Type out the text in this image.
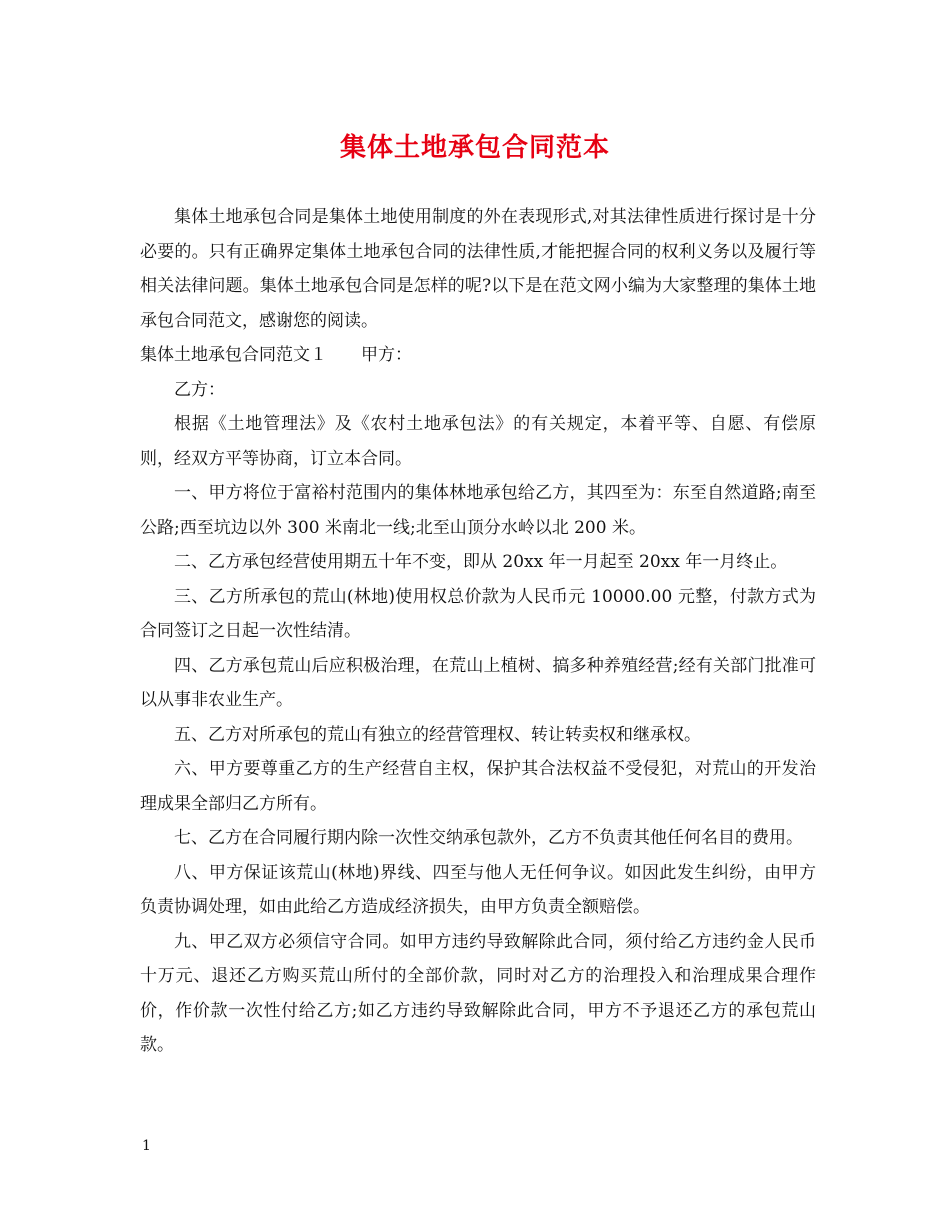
集体土地承包合同范本

集体土地承包合同是集体土地使用制度的外在表现形式,对其法律性质进行探讨是十分必要的。只有正确界定集体土地承包合同的法律性质,才能把握合同的权利义务以及履行等相关法律问题。集体土地承包合同是怎样的呢?以下是在范文网小编为大家整理的集体土地承包合同范文，感谢您的阅读。

集体土地承包合同范文１ 甲方：

乙方：

根据《土地管理法》及《农村土地承包法》的有关规定，本着平等、自愿、有偿原则，经双方平等协商，订立本合同。

一、甲方将位于富裕村范围内的集体林地承包给乙方，其四至为：东至自然道路;南至公路;西至坑边以外 300 米南北一线;北至山顶分水岭以北 200 米。

二、乙方承包经营使用期五十年不变，即从 20xx 年一月起至 20xx 年一月终止。

三、乙方所承包的荒山(林地)使用权总价款为人民币元 10000.00 元整，付款方式为合同签订之日起一次性结清。

四、乙方承包荒山后应积极治理，在荒山上植树、搞多种养殖经营;经有关部门批准可以从事非农业生产。

五、乙方对所承包的荒山有独立的经营管理权、转让转卖权和继承权。

六、甲方要尊重乙方的生产经营自主权，保护其合法权益不受侵犯，对荒山的开发治理成果全部归乙方所有。

七、乙方在合同履行期内除一次性交纳承包款外，乙方不负责其他任何名目的费用。

八、甲方保证该荒山(林地)界线、四至与他人无任何争议。如因此发生纠纷，由甲方负责协调处理，如由此给乙方造成经济损失，由甲方负责全额赔偿。

九、甲乙双方必须信守合同。如甲方违约导致解除此合同，须付给乙方违约金人民币十万元、退还乙方购买荒山所付的全部价款，同时对乙方的治理投入和治理成果合理作价，作价款一次性付给乙方;如乙方违约导致解除此合同，甲方不予退还乙方的承包荒山款。

1
